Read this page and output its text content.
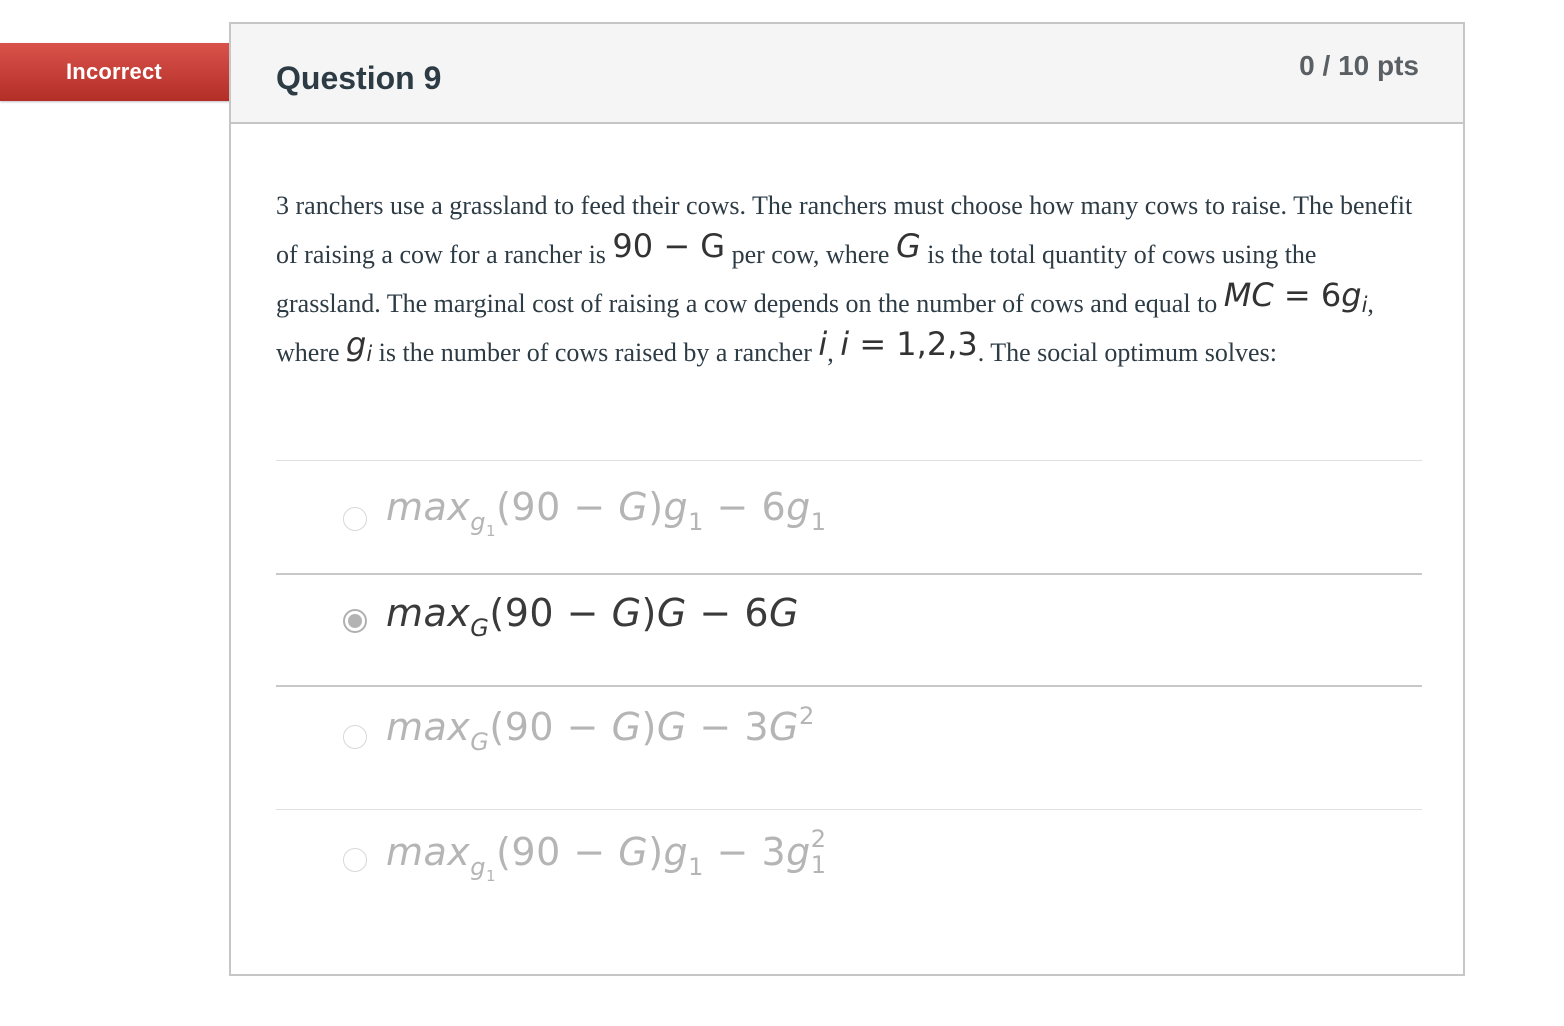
Incorrect	Question 9	0 / 10 pts
3 ranchers use a grassland to feed their cows. The ranchers must choose how many cows to raise. The benefit of raising a cow for a rancher is 90 − G per cow, where G is the total quantity of cows using the grassland. The marginal cost of raising a cow depends on the number of cows and equal to MC = $6g_i$, where $g_i$ is the number of cows raised by a rancher i, i = 1,2,3. The social optimum solves:
$\max_{g_1}(90 - G)g_1 - 6g_1$
$\max_G(90 - G)G - 6G$
$\max_G(90 - G)G - 3G^2$
$\max_{g_1}(90 - G)g_1 - 3g$ 2
1
